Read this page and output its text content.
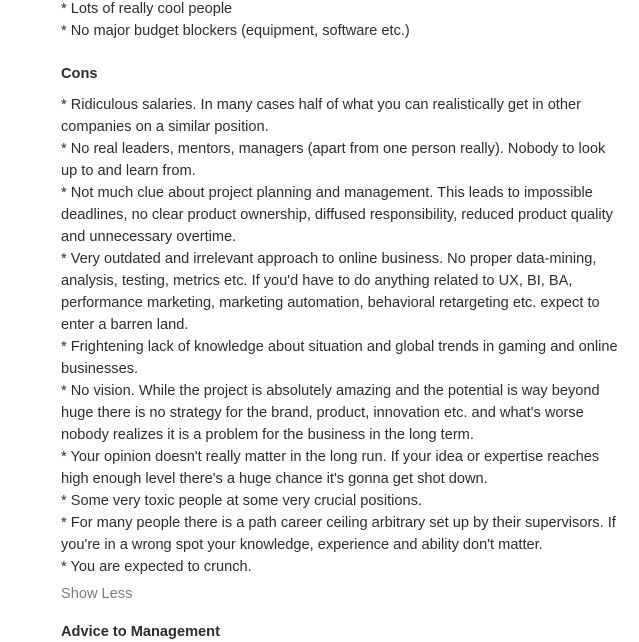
* Lots of really cool people

* No major budget blockers (equipment, software etc.)

Cons

* Ridiculous salaries. In many cases half of what you can realistically get in other companies on a similar position.

* No real leaders, mentors, managers (apart from one person really). Nobody to look up to and learn from.

* Not much clue about project planning and management. This leads to impossible deadlines, no clear product ownership, diffused responsibility, reduced product quality and unnecessary overtime.

* Very outdated and irrelevant approach to online business. No proper data-mining, analysis, testing, metrics etc. If you'd have to do anything related to UX, BI, BA, performance marketing, marketing automation, behavioral retargeting etc. expect to enter a barren land.

* Frightening lack of knowledge about situation and global trends in gaming and online businesses.

* No vision. While the project is absolutely amazing and the potential is way beyond huge there is no strategy for the brand, product, innovation etc. and what's worse nobody realizes it is a problem for the business in the long term.

* Your opinion doesn't really matter in the long run. If your idea or expertise reaches high enough level there's a huge chance it's gonna get shot down.

* Some very toxic people at some very crucial positions.

* For many people there is a path career ceiling arbitrary set up by their supervisors. If you're in a wrong spot your knowledge, experience and ability don't matter.

* You are expected to crunch.

Show Less
Advice to Management
